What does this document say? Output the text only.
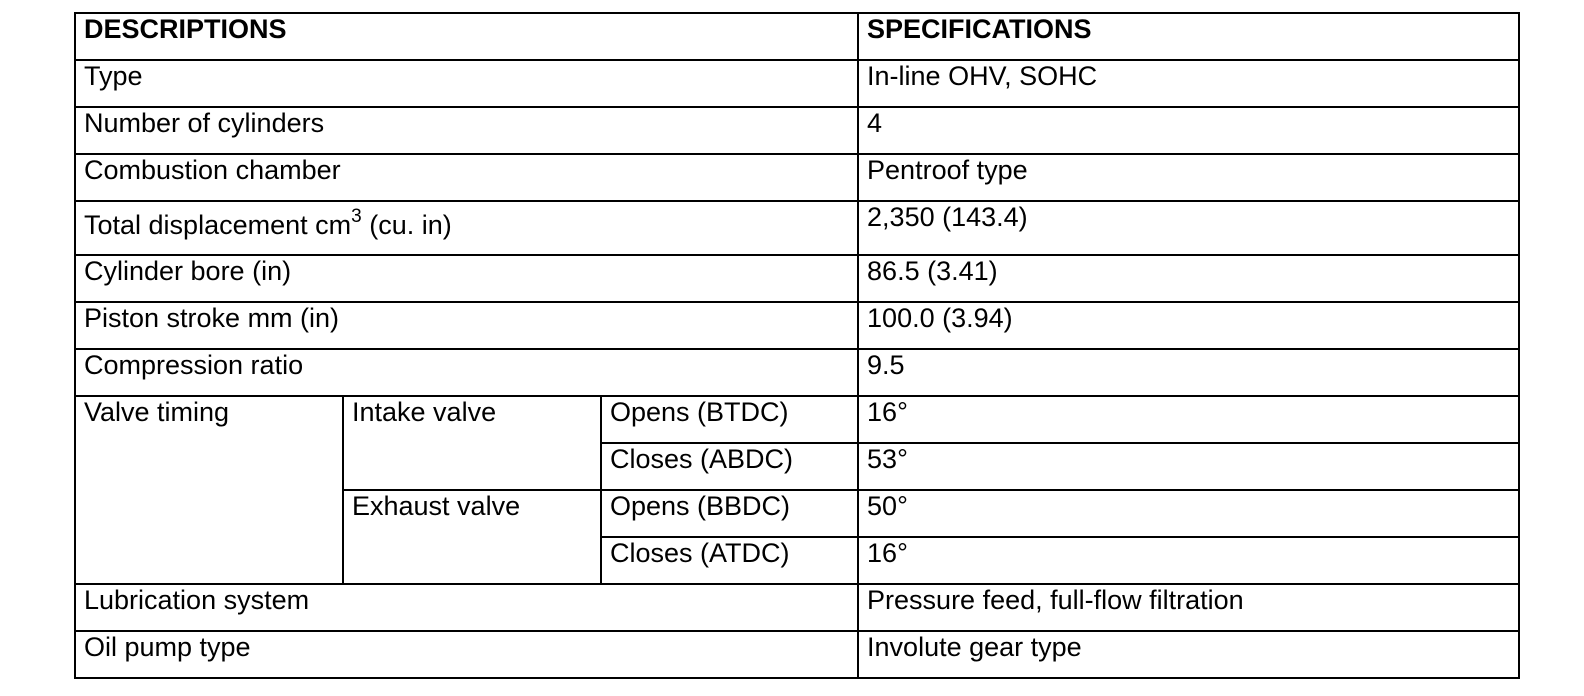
DESCRIPTIONS			SPECIFICATIONS
Type			In-line OHV, SOHC
Number of cylinders			4
Combustion chamber			Pentroof type
Total displacement $cm^3$ (cu. in)			2,350 (143.4)
Cylinder bore (in)			86.5 (3.41)
Piston stroke mm (in)			100.0 (3.94)
Compression ratio			9.5
Valve timing	Intake valve	Opens (BTDC)	16°
		Closes (ABDC)	53°
	Exhaust valve	Opens (BBDC)	50°
		Closes (ATDC)	16°
Lubrication system			Pressure feed, full-flow filtration
Oil pump type			Involute gear type
